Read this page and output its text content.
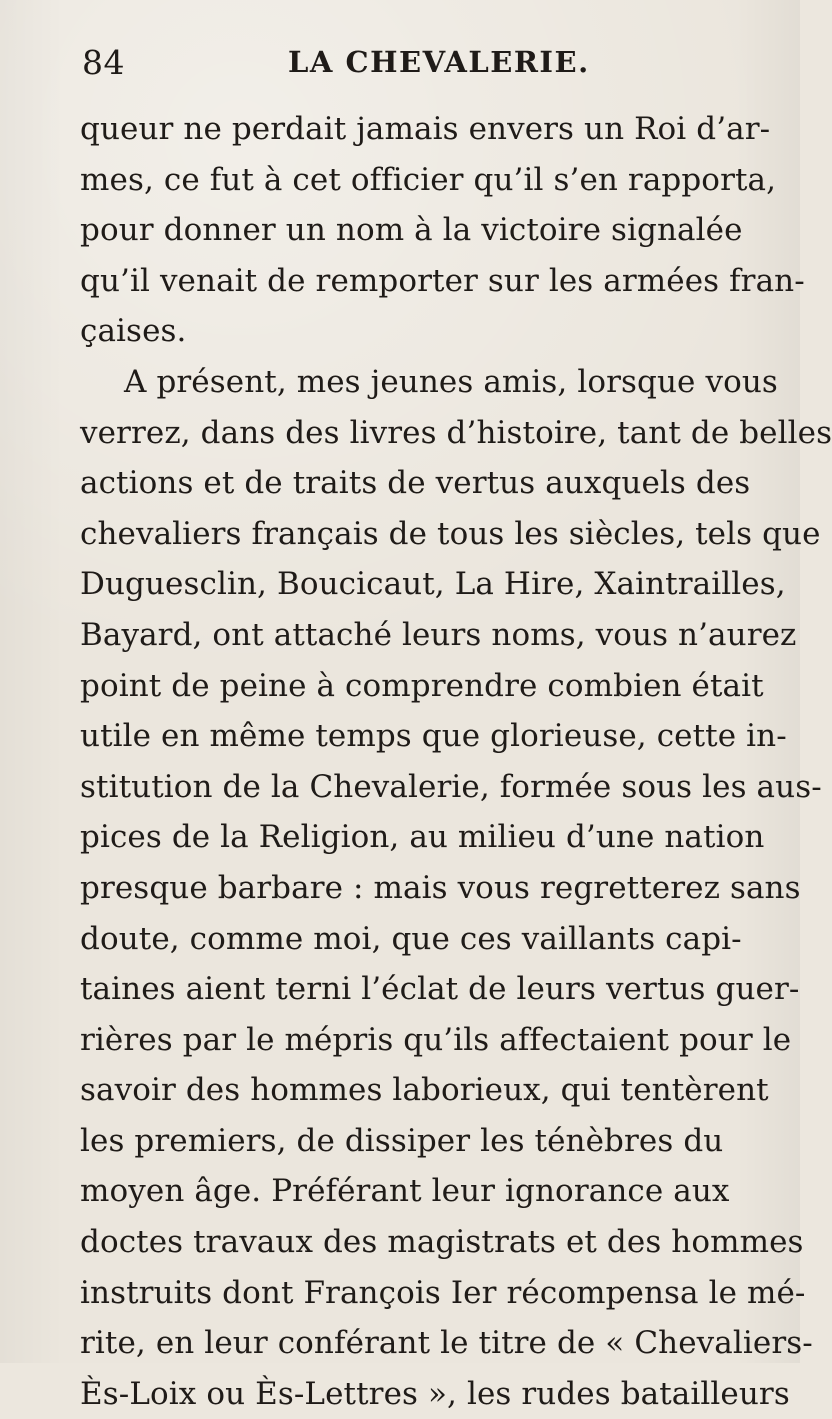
84	LA CHEVALERIE.
queur ne perdait jamais envers un Roi d’ar-
mes, ce fut à cet officier qu’il s’en rapporta,
pour donner un nom à la victoire signalée
qu’il venait de remporter sur les armées fran-
çaises.
A présent, mes jeunes amis, lorsque vous
verrez, dans des livres d’histoire, tant de belles
actions et de traits de vertus auxquels des
chevaliers français de tous les siècles, tels que
Duguesclin, Boucicaut, La Hire, Xaintrailles,
Bayard, ont attaché leurs noms, vous n’aurez
point de peine à comprendre combien était
utile en même temps que glorieuse, cette in-
stitution de la Chevalerie, formée sous les aus-
pices de la Religion, au milieu d’une nation
presque barbare : mais vous regretterez sans
doute, comme moi, que ces vaillants capi-
taines aient terni l’éclat de leurs vertus guer-
rières par le mépris qu’ils affectaient pour le
savoir des hommes laborieux, qui tentèrent
les premiers, de dissiper les ténèbres du
moyen âge. Préférant leur ignorance aux
doctes travaux des magistrats et des hommes
instruits dont François Ier récompensa le mé-
rite, en leur conférant le titre de « Chevaliers-
Ès-Loix ou Ès-Lettres », les rudes batailleurs
